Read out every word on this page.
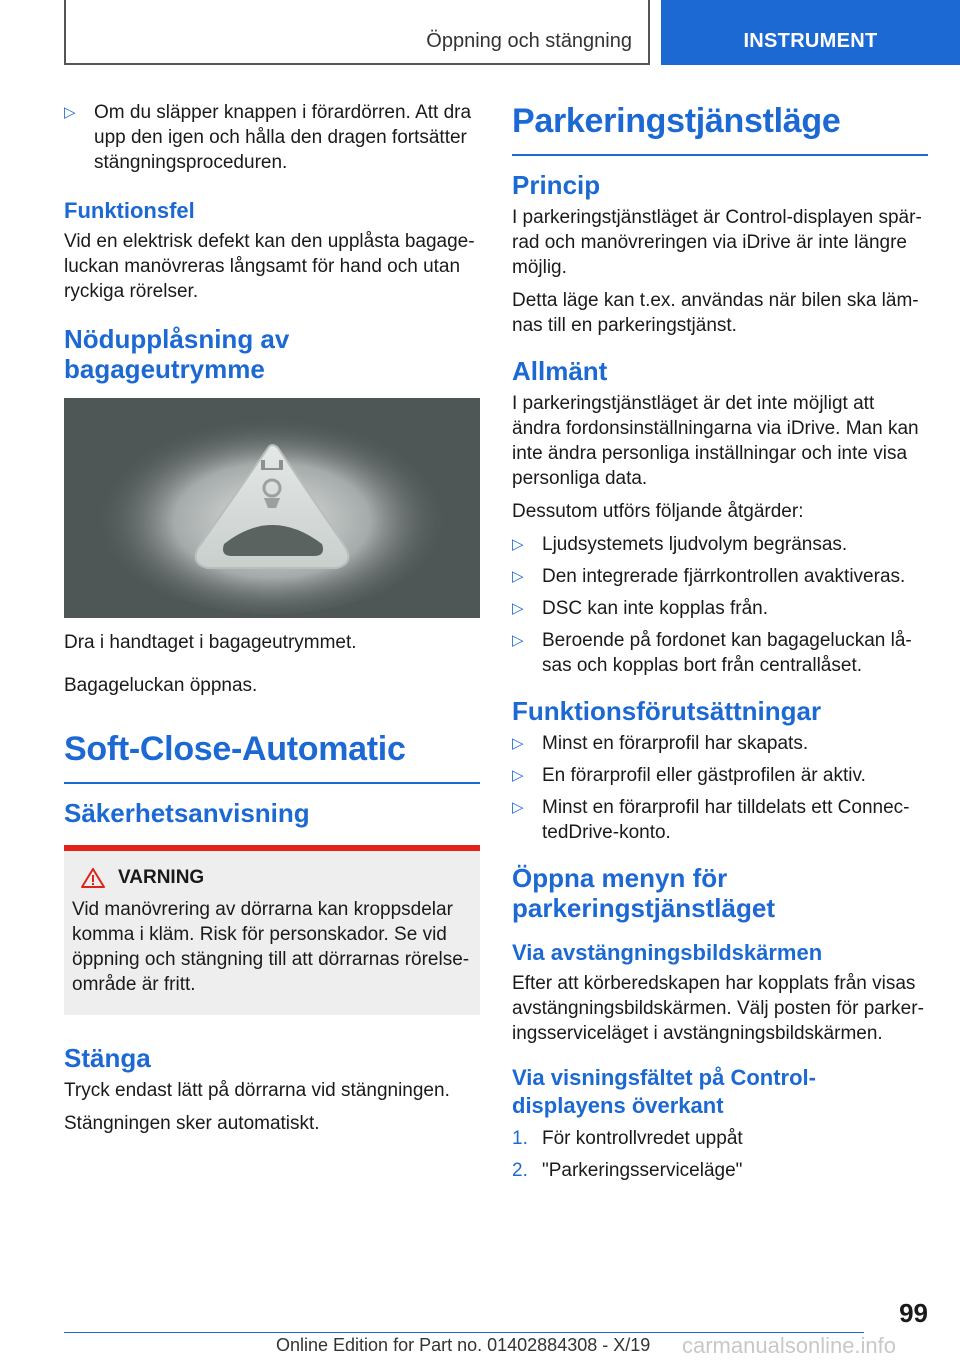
Öppning och stängning	INSTRUMENT
▷ Om du släpper knappen i förardörren. Att dra upp den igen och hålla den dragen fortsätter stängningsproceduren.
Funktionsfel
Vid en elektrisk defekt kan den upplåsta bagageluckan manövreras långsamt för hand och utan ryckiga rörelser.
Nödupplåsning av bagageutrymme
Dra i handtaget i bagageutrymmet.
Bagageluckan öppnas.
Soft-Close-Automatic
Säkerhetsanvisning
VARNING
Vid manövrering av dörrarna kan kroppsdelar komma i kläm. Risk för personskador. Se vid öppning och stängning till att dörrarnas rörelseområde är fritt.
Stänga
Tryck endast lätt på dörrarna vid stängningen.
Stängningen sker automatiskt.
Parkeringstjänstläge
Princip
I parkeringstjänstläget är Control-displayen spärrad och manövreringen via iDrive är inte längre möjlig.
Detta läge kan t.ex. användas när bilen ska lämnas till en parkeringstjänst.
Allmänt
I parkeringstjänstläget är det inte möjligt att ändra fordonsinställningarna via iDrive. Man kan inte ändra personliga inställningar och inte visa personliga data.
Dessutom utförs följande åtgärder:
▷ Ljudsystemets ljudvolym begränsas.
▷ Den integrerade fjärrkontrollen avaktiveras.
▷ DSC kan inte kopplas från.
▷ Beroende på fordonet kan bagageluckan låsas och kopplas bort från centrallåset.
Funktionsförutsättningar
▷ Minst en förarprofil har skapats.
▷ En förarprofil eller gästprofilen är aktiv.
▷ Minst en förarprofil har tilldelats ett ConnectedDrive-konto.
Öppna menyn för parkeringstjänstläget
Via avstängningsbildskärmen
Efter att körberedskapen har kopplats från visas avstängningsbildskärmen. Välj posten för parkeringsserviceläget i avstängningsbildskärmen.
Via visningsfältet på Control-displayens överkant
1. För kontrollvredet uppåt
2. "Parkeringsserviceläge"
99
carmanualsonline.info
Online Edition for Part no. 01402884308 - X/19
